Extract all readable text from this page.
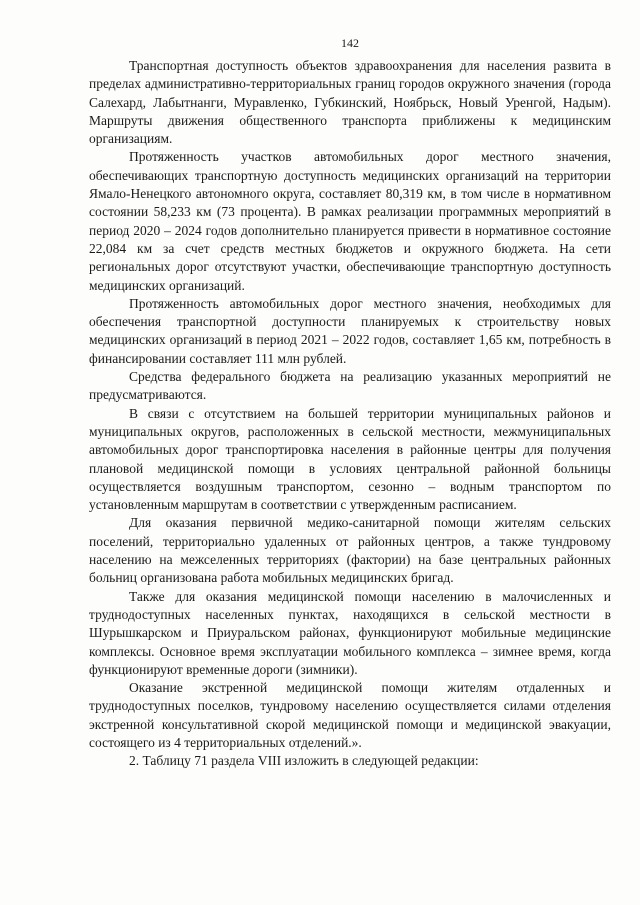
142

Транспортная доступность объектов здравоохранения для населения развита в пределах административно-территориальных границ городов окружного значения (города Салехард, Лабытнанги, Муравленко, Губкинский, Ноябрьск, Новый Уренгой, Надым). Маршруты движения общественного транспорта приближены к медицинским организациям.

Протяженность участков автомобильных дорог местного значения, обеспечивающих транспортную доступность медицинских организаций на территории Ямало-Ненецкого автономного округа, составляет 80,319 км, в том числе в нормативном состоянии 58,233 км (73 процента). В рамках реализации программных мероприятий в период 2020 – 2024 годов дополнительно планируется привести в нормативное состояние 22,084 км за счет средств местных бюджетов и окружного бюджета. На сети региональных дорог отсутствуют участки, обеспечивающие транспортную доступность медицинских организаций.

Протяженность автомобильных дорог местного значения, необходимых для обеспечения транспортной доступности планируемых к строительству новых медицинских организаций в период 2021 – 2022 годов, составляет 1,65 км, потребность в финансировании составляет 111 млн рублей.

Средства федерального бюджета на реализацию указанных мероприятий не предусматриваются.

В связи с отсутствием на большей территории муниципальных районов и муниципальных округов, расположенных в сельской местности, межмуниципальных автомобильных дорог транспортировка населения в районные центры для получения плановой медицинской помощи в условиях центральной районной больницы осуществляется воздушным транспортом, сезонно – водным транспортом по установленным маршрутам в соответствии с утвержденным расписанием.

Для оказания первичной медико-санитарной помощи жителям сельских поселений, территориально удаленных от районных центров, а также тундровому населению на межселенных территориях (фактории) на базе центральных районных больниц организована работа мобильных медицинских бригад.

Также для оказания медицинской помощи населению в малочисленных и труднодоступных населенных пунктах, находящихся в сельской местности в Шурышкарском и Приуральском районах, функционируют мобильные медицинские комплексы. Основное время эксплуатации мобильного комплекса – зимнее время, когда функционируют временные дороги (зимники).

Оказание экстренной медицинской помощи жителям отдаленных и труднодоступных поселков, тундровому населению осуществляется силами отделения экстренной консультативной скорой медицинской помощи и медицинской эвакуации, состоящего из 4 территориальных отделений.».

2. Таблицу 71 раздела VIII изложить в следующей редакции:
